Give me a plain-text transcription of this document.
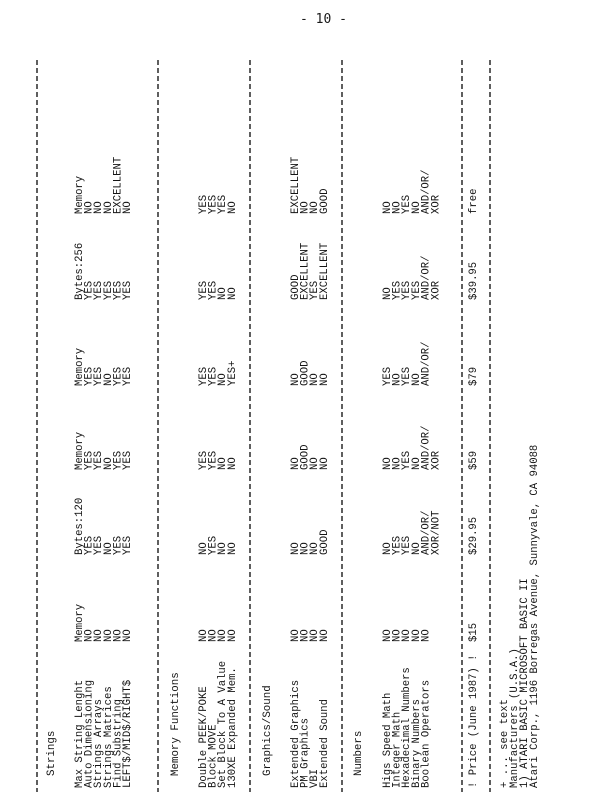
- 10 -
Strings Max String Lenght
Memory
Bytes:120
Memory
Memory
Bytes:256
Memory
Auto Dimensioning
NO
YES
YES
YES
YES
NO
Strings Arrays
NO
YES
YES
YES
YES
NO
Strings Matrices
NO
NO
NO
NO
YES
NO
Find Substring
NO
YES
YES
YES
YES
EXCELLENT
LEFT$/MID$/RIGHT$
NO
YES
YES
YES
YES
NO
Memory Functions Double PEEK/POKE
NO
NO
YES
YES
YES
YES
Block MOVE
NO
YES
YES
YES
YES
YES
Set Block To A Value
NO
NO
NO
NO
NO
YES
130XE Expanded Mem.
NO
NO
NO
YES+
NO
NO
Graphics/Sound Extended Graphics
NO
NO
NO
NO
GOOD
EXCELLENT
PM Graphics
NO
NO
GOOD
GOOD
EXCELLENT
NO
VBI
NO
NO
NO
NO
YES
NO
Extended Sound
NO
GOOD
NO
NO
EXCELLENT
GOOD
Numbers Higs Speed Math
NO
NO
NO
YES
NO
NO
Integer Math
NO
YES
NO
NO
YES
NO
Hexadecimal Numbers
NO
YES
YES
YES
YES
YES
Binary Numbers
NO
NO
NO
NO
YES
NO
Boolean Operators
NO
AND/OR/
AND/OR/
AND/OR/
AND/OR/
AND/OR/
XOR/NOT
XOR
XOR
XOR
! Price (June 1987) !
$15
$29.95
$59
$79
$39.95
free
+ ... see text
Manufacturers (U.S.A.)
1) ATARI BASIC MICROSOFT BASIC II
Atari Corp., 1196 Borregas Avenue, Sunnyvale, CA 94088
